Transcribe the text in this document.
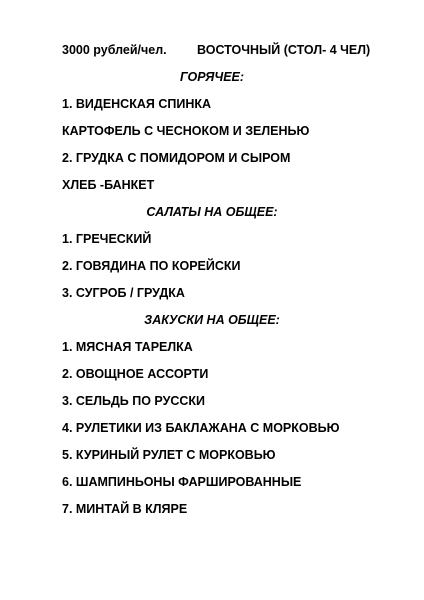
3000 рублей/чел. ВОСТОЧНЫЙ (СТОЛ- 4 ЧЕЛ)
ГОРЯЧЕЕ:
1. ВИДЕНСКАЯ СПИНКА
КАРТОФЕЛЬ С ЧЕСНОКОМ И ЗЕЛЕНЬЮ
2. ГРУДКА С ПОМИДОРОМ И СЫРОМ
ХЛЕБ -БАНКЕТ
САЛАТЫ НА ОБЩЕЕ:
1. ГРЕЧЕСКИЙ
2. ГОВЯДИНА ПО КОРЕЙСКИ
3. СУГРОБ / ГРУДКА
ЗАКУСКИ НА ОБЩЕЕ:
1. МЯСНАЯ ТАРЕЛКА
2. ОВОЩНОЕ АССОРТИ
3. СЕЛЬДЬ ПО РУССКИ
4. РУЛЕТИКИ ИЗ БАКЛАЖАНА С МОРКОВЬЮ
5. КУРИНЫЙ РУЛЕТ С МОРКОВЬЮ
6. ШАМПИНЬОНЫ ФАРШИРОВАННЫЕ
7. МИНТАЙ В КЛЯРЕ
